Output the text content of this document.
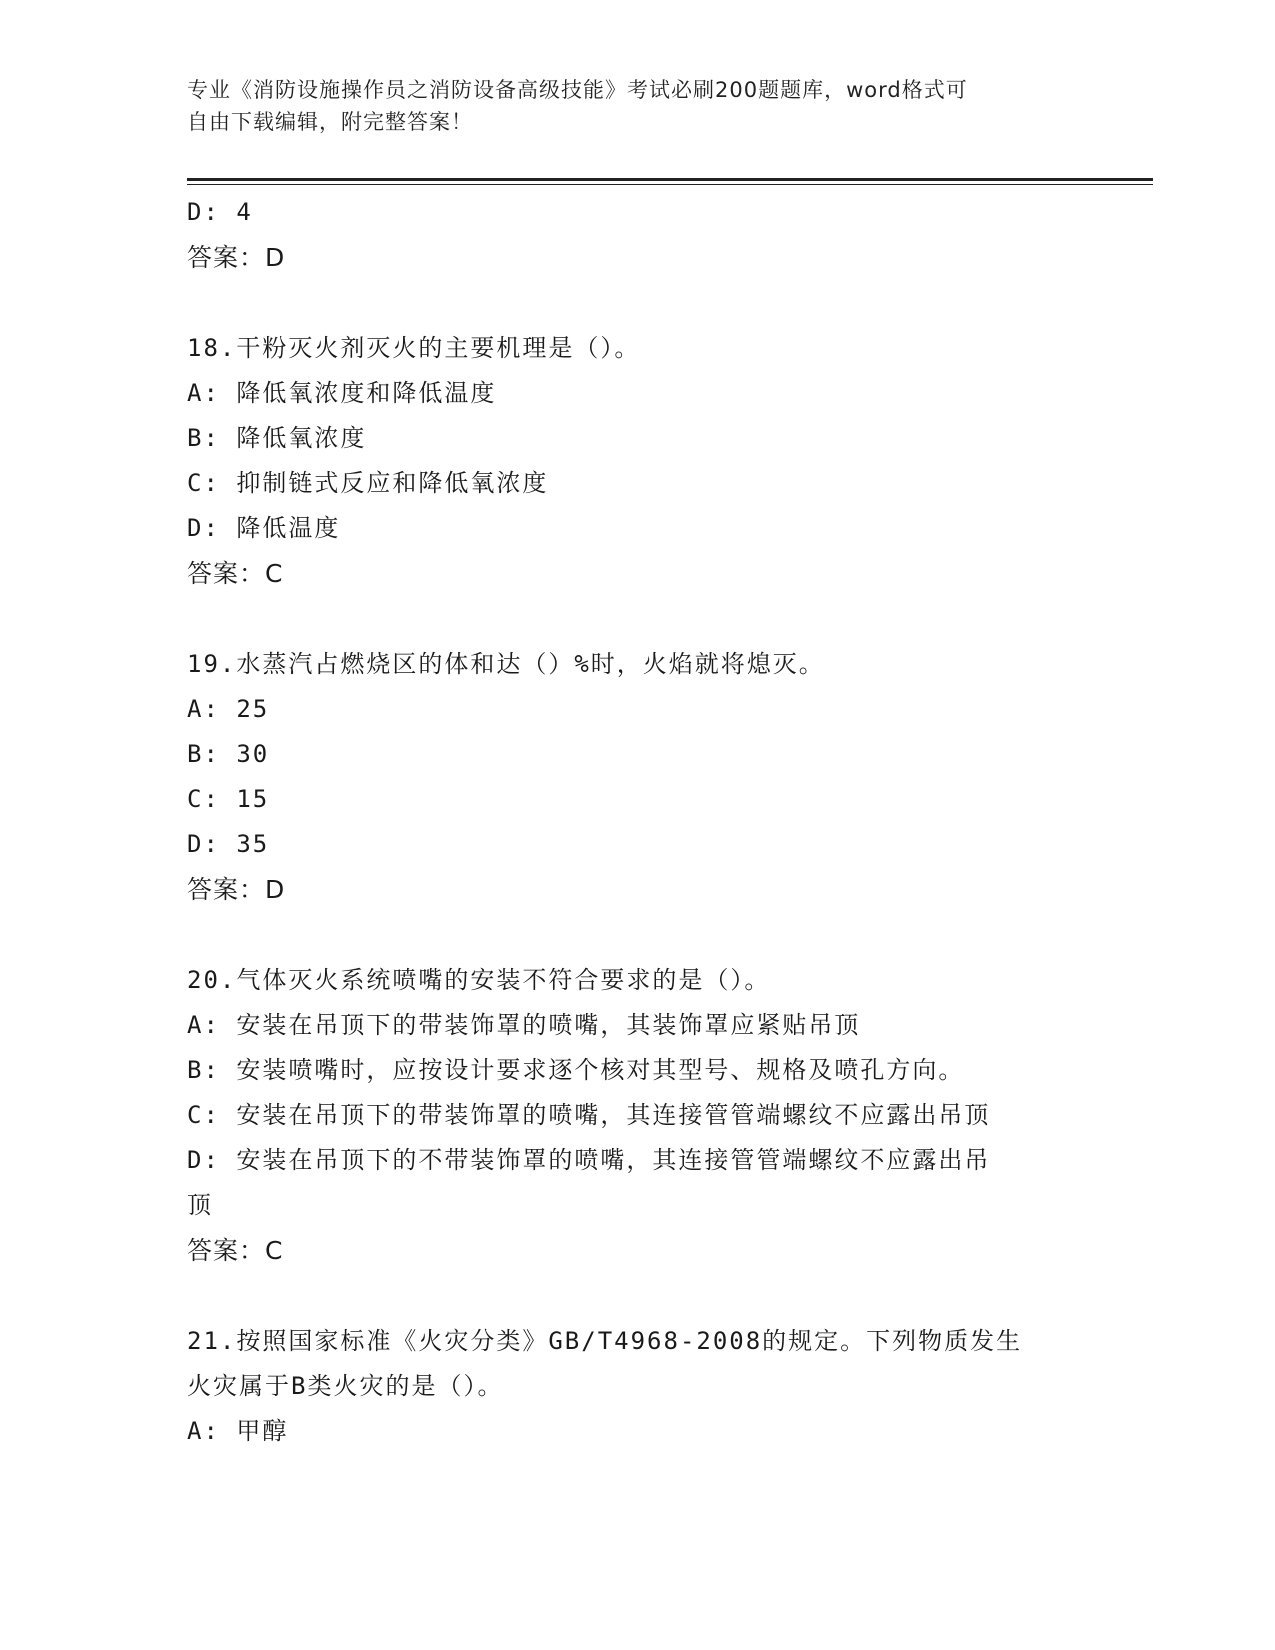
专业《消防设施操作员之消防设备高级技能》考试必刷200题题库，word格式可
自由下载编辑，附完整答案！
D: 4
答案：D
18.干粉灭火剂灭火的主要机理是（）。
A: 降低氧浓度和降低温度
B: 降低氧浓度
C: 抑制链式反应和降低氧浓度
D: 降低温度
答案：C
19.水蒸汽占燃烧区的体和达（）%时，火焰就将熄灭。
A: 25
B: 30
C: 15
D: 35
答案：D
20.气体灭火系统喷嘴的安装不符合要求的是（）。
A: 安装在吊顶下的带装饰罩的喷嘴，其装饰罩应紧贴吊顶
B: 安装喷嘴时，应按设计要求逐个核对其型号、规格及喷孔方向。
C: 安装在吊顶下的带装饰罩的喷嘴，其连接管管端螺纹不应露出吊顶
D: 安装在吊顶下的不带装饰罩的喷嘴，其连接管管端螺纹不应露出吊
顶
答案：C
21.按照国家标准《火灾分类》GB/T4968-2008的规定。下列物质发生
火灾属于B类火灾的是（）。
A: 甲醇
